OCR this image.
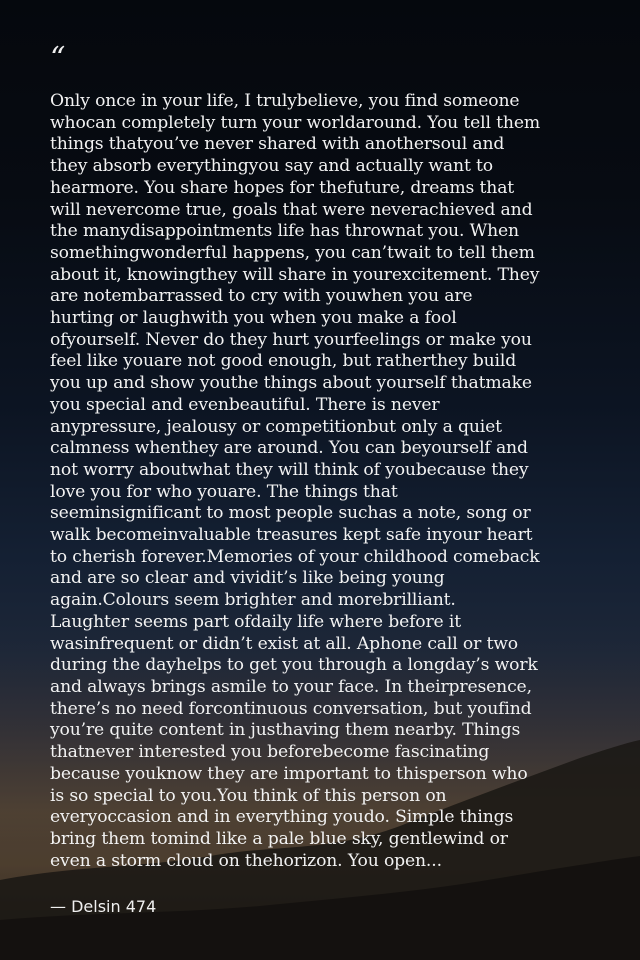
“

Only once in your life, I trulybelieve, you find someone
whocan completely turn your worldaround. You tell them
things thatyou’ve never shared with anothersoul and
they absorb everythingyou say and actually want to
hearmore. You share hopes for thefuture, dreams that
will nevercome true, goals that were neverachieved and
the manydisappointments life has thrownat you. When
somethingwonderful happens, you can’twait to tell them
about it, knowingthey will share in yourexcitement. They
are notembarrassed to cry with youwhen you are
hurting or laughwith you when you make a fool
ofyourself. Never do they hurt yourfeelings or make you
feel like youare not good enough, but ratherthey build
you up and show youthe things about yourself thatmake
you special and evenbeautiful. There is never
anypressure, jealousy or competitionbut only a quiet
calmness whenthey are around. You can beyourself and
not worry aboutwhat they will think of youbecause they
love you for who youare. The things that
seeminsignificant to most people suchas a note, song or
walk becomeinvaluable treasures kept safe inyour heart
to cherish forever.Memories of your childhood comeback
and are so clear and vividit’s like being young
again.Colours seem brighter and morebrilliant.
Laughter seems part ofdaily life where before it
wasinfrequent or didn’t exist at all. Aphone call or two
during the dayhelps to get you through a longday’s work
and always brings asmile to your face. In theirpresence,
there’s no need forcontinuous conversation, but youfind
you’re quite content in justhaving them nearby. Things
thatnever interested you beforebecome fascinating
because youknow they are important to thisperson who
is so special to you.You think of this person on
everyoccasion and in everything youdo. Simple things
bring them tomind like a pale blue sky, gentlewind or
even a storm cloud on thehorizon. You open...

— Delsin 474
